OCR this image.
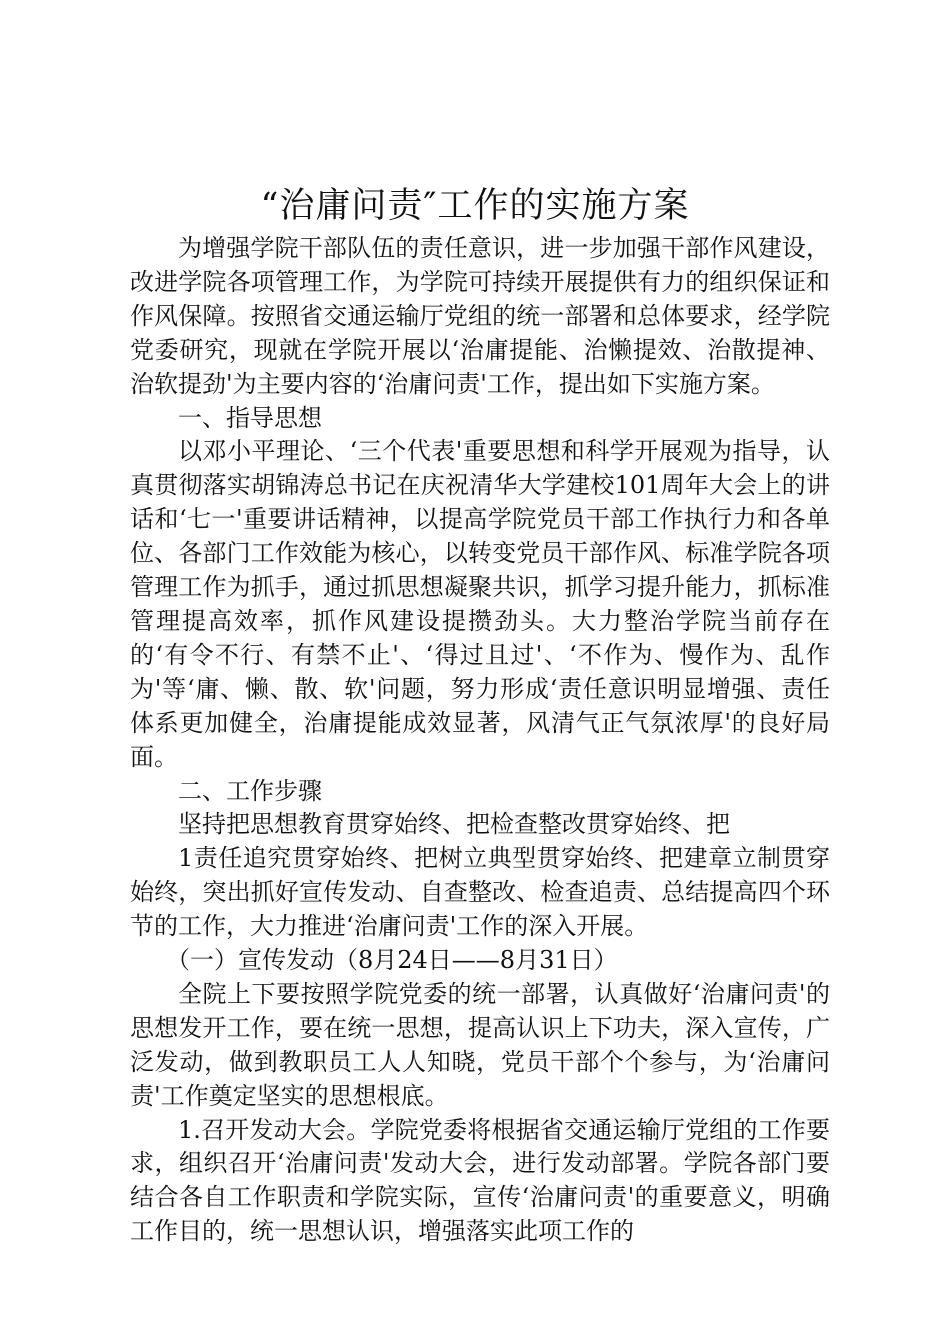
“治庸问责″工作的实施方案

为增强学院干部队伍的责任意识，进一步加强干部作风建设，改进学院各项管理工作，为学院可持续开展提供有力的组织保证和作风保障。按照省交通运输厅党组的统一部署和总体要求，经学院党委研究，现就在学院开展以‘治庸提能、治懒提效、治散提神、治软提劲'为主要内容的‘治庸问责'工作，提出如下实施方案。

一、指导思想

以邓小平理论、‘三个代表'重要思想和科学开展观为指导，认真贯彻落实胡锦涛总书记在庆祝清华大学建校101周年大会上的讲话和‘七一'重要讲话精神，以提高学院党员干部工作执行力和各单位、各部门工作效能为核心，以转变党员干部作风、标准学院各项管理工作为抓手，通过抓思想凝聚共识，抓学习提升能力，抓标准管理提高效率，抓作风建设提攒劲头。大力整治学院当前存在的‘有令不行、有禁不止'、‘得过且过'、‘不作为、慢作为、乱作为'等‘庸、懒、散、软'问题，努力形成‘责任意识明显增强、责任体系更加健全，治庸提能成效显著，风清气正气氛浓厚'的良好局面。

二、工作步骤

坚持把思想教育贯穿始终、把检查整改贯穿始终、把

1责任追究贯穿始终、把树立典型贯穿始终、把建章立制贯穿始终，突出抓好宣传发动、自查整改、检查追责、总结提高四个环节的工作，大力推进‘治庸问责'工作的深入开展。

（一）宣传发动（8月24日——8月31日）

全院上下要按照学院党委的统一部署，认真做好‘治庸问责'的思想发开工作，要在统一思想，提高认识上下功夫，深入宣传，广泛发动，做到教职员工人人知晓，党员干部个个参与，为‘治庸问责'工作奠定坚实的思想根底。

1.召开发动大会。学院党委将根据省交通运输厅党组的工作要求，组织召开‘治庸问责'发动大会，进行发动部署。学院各部门要结合各自工作职责和学院实际，宣传‘治庸问责'的重要意义，明确工作目的，统一思想认识，增强落实此项工作的
